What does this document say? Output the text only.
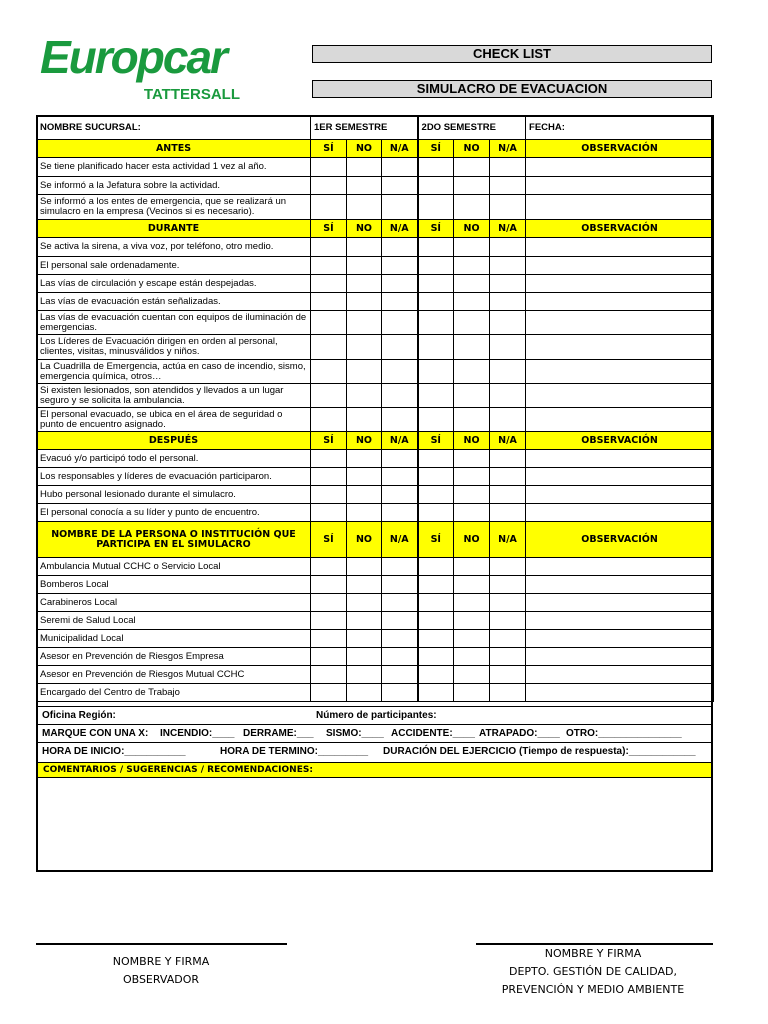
Europcar
TATTERSALL
CHECK LIST
SIMULACRO DE EVACUACION
NOMBRE SUCURSAL:	1ER SEMESTRE			2DO SEMESTRE			FECHA:
ANTES	SÍ	NO	N/A	SÍ	NO	N/A	OBSERVACIÓN
Se tiene planificado hacer esta actividad 1 vez al año.							
Se informó a la Jefatura sobre la actividad.							
Se informó a los entes de emergencia, que se realizará un simulacro en la empresa (Vecinos si es necesario).							
DURANTE	SÍ	NO	N/A	SÍ	NO	N/A	OBSERVACIÓN
Se activa la sirena, a viva voz, por teléfono, otro medio.							
El personal sale ordenadamente.							
Las vías de circulación y escape están despejadas.							
Las vías de evacuación están señalizadas.							
Las vías de evacuación cuentan con equipos de iluminación de emergencias.							
Los Líderes de Evacuación dirigen en orden al personal, clientes, visitas, minusválidos y niños.							
La Cuadrilla de Emergencia, actúa en caso de incendio, sismo, emergencia química, otros…							
Si existen lesionados, son atendidos y llevados a un lugar seguro y se solicita la ambulancia.							
El personal evacuado, se ubica en el área de seguridad o punto de encuentro asignado.							
DESPUÉS	SÍ	NO	N/A	SÍ	NO	N/A	OBSERVACIÓN
Evacuó y/o participó todo el personal.							
Los responsables y líderes de evacuación participaron.							
Hubo personal lesionado durante el simulacro.							
El personal conocía a su líder y punto de encuentro.							
NOMBRE DE LA PERSONA O INSTITUCIÓN QUE PARTICIPA EN EL SIMULACRO	SÍ	NO	N/A	SÍ	NO	N/A	OBSERVACIÓN
Ambulancia Mutual CCHC o Servicio Local							
Bomberos Local							
Carabineros Local							
Seremi de Salud Local							
Municipalidad Local							
Asesor en Prevención de Riesgos Empresa							
Asesor en Prevención de Riesgos Mutual CCHC							
Encargado del Centro de Trabajo							
Oficina Región:	Número de participantes:
MARQUE CON UNA X: INCENDIO:____ DERRAME:___ SISMO:____ ACCIDENTE:____ ATRAPADO:____ OTRO:_______________
HORA DE INICIO:___________	HORA DE TERMINO:_________ DURACIÓN DEL EJERCICIO (Tiempo de respuesta):____________
COMENTARIOS / SUGERENCIAS / RECOMENDACIONES:
NOMBRE Y FIRMA
OBSERVADOR
NOMBRE Y FIRMA
DEPTO. GESTIÓN DE CALIDAD,
PREVENCIÓN Y MEDIO AMBIENTE
